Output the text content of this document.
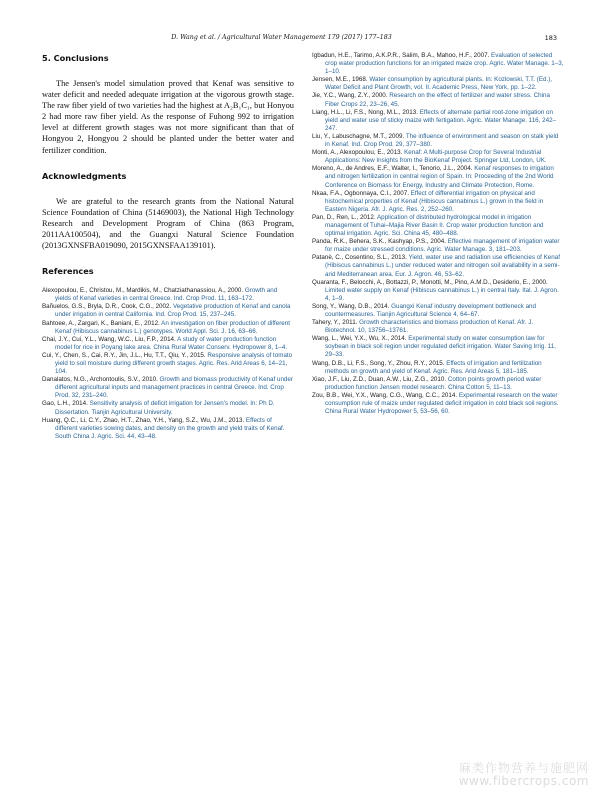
D. Wang et al. / Agricultural Water Management 179 (2017) 177–183	183
5. Conclusions

The Jensen's model simulation proved that Kenaf was sensitive to water deficit and needed adequate irrigation at the vigorous growth stage. The raw fiber yield of two varieties had the highest at A₂B₁C₁, but Honyou 2 had more raw fiber yield. As the response of Fuhong 992 to irrigation level at different growth stages was not more significant than that of Hongyou 2, Hongyou 2 should be planted under the better water and fertilizer condition.

Acknowledgments

We are grateful to the research grants from the National Natural Science Foundation of China (51469003), the National High Technology Research and Development Program of China (863 Program, 2011AA100504), and the Guangxi Natural Science Foundation (2013GXNSFBA019090, 2015GXNSFAA139101).

References
Alexopoulou, E., Christou, M., Mardikis, M., Chatziathanassiou, A., 2000. Growth and yields of Kenaf varieties in central Greece. Ind. Crop Prod. 11, 163–172.
Bañuelos, G.S., Bryla, D.R., Cook, C.G., 2002. Vegetative production of Kenaf and canola under irrigation in central California. Ind. Crop Prod. 15, 237–245.
Bahtoee, A., Zargari, K., Baniani, E., 2012. An investigation on fiber production of different Kenaf (Hibiscus cannabinus L.) genotypes. World Appl. Sci. J. 16, 63–66.
Chai, J.Y., Cui, Y.L., Wang, W.C., Liu, F.P., 2014. A study of water production function model for rice in Poyang lake area. China Rural Water Conserv. Hydropower 8, 1–4.
Cui, Y., Chen, S., Cai, R.Y., Jin, J.L., Hu, T.T., Qiu, Y., 2015. Responsive analysis of tomato yield to soil moisture during different growth stages. Agric. Res. Arid Areas 6, 14–21, 104.
Danalatos, N.G., Archontoulis, S.V., 2010. Growth and biomass productivity of Kenaf under different agricultural inputs and management practices in central Greece. Ind. Crop Prod. 32, 231–240.
Gao, L.H., 2014. Sensitivity analysis of deficit irrigation for Jensen's model. In: Ph D. Dissertation. Tianjin Agricultural University.
Huang, Q.C., Li, C.Y., Zhao, H.T., Zhao, Y.H., Yang, S.Z., Wu, J.M., 2013. Effects of different varieties sowing dates, and density on the growth and yield traits of Kenaf. South China J. Agric. Sci. 44, 43–48.
Igbadun, H.E., Tarimo, A.K.P.R., Salim, B.A., Mahoo, H.F., 2007. Evaluation of selected crop water production functions for an irrigated maize crop. Agric. Water Manage. 1–3, 1–10.
Jensen, M.E., 1968. Water consumption by agricultural plants. In: Kozlowski, T.T. (Ed.), Water Deficit and Plant Growth, vol. II. Academic Press, New York, pp. 1–22.
Jie, Y.C., Wang, Z.Y., 2000. Research on the effect of fertilizer and water stress. China Fiber Crops 22, 23–26, 45.
Liang, H.L., Li, F.S., Nong, M.L., 2013. Effects of alternate partial root-zone irrigation on yield and water use of sticky maize with fertigation. Agric. Water Manage. 116, 242–247.
Liu, Y., Labuschagne, M.T., 2009. The influence of environment and season on stalk yield in Kenaf. Ind. Crop Prod. 29, 377–380.
Monti, A., Alexopoulou, E., 2013. Kenaf: A Multi-purpose Crop for Several Industrial Applications: New Insights from the BioKenaf Project. Springer Ltd, London, UK.
Moreno, A., de Andres, E.F., Walter, I., Tenorio, J.L., 2004. Kenaf responses to irrigation and nitrogen fertilization in central region of Spain. In: Proceeding of the 2nd World Conference on Biomass for Energy, Industry and Climate Protection, Rome.
Nkaa, F.A., Ogbonnaya, C.I., 2007. Effect of differential irrigation on physical and histochemical properties of Kenaf (Hibiscus cannabinus L.) grown in the field in Eastern Nigeria. Afr. J. Agric. Res. 2, 252–260.
Pan, D., Ren, L., 2012. Application of distributed hydrological model in irrigation management of Tuhai–Majia River Basin II. Crop water production function and optimal irrigation. Agric. Sci. China 45, 480–488.
Panda, R.K., Behera, S.K., Kashyap, P.S., 2004. Effective management of irrigation water for maize under stressed conditions. Agric. Water Manage. 3, 181–203.
Patanè, C., Cosentino, S.L., 2013. Yield, water use and radiation use efficiencies of Kenaf (Hibiscus cannabinus L.) under reduced water and nitrogen soil availability in a semi-arid Mediterranean area. Eur. J. Agron. 46, 53–62.
Quaranta, F., Belocchi, A., Bottazzi, P., Monotti, M., Pino, A.M.D., Desiderio, E., 2000. Limited water supply on Kenaf (Hibiscus cannabinus L.) in central Italy. Ital. J. Agron. 4, 1–9.
Song, Y., Wang, D.B., 2014. Guangxi Kenaf industry development bottleneck and countermeasures. Tianjin Agricultural Science 4, 64–67.
Tahery, Y., 2011. Growth characteristics and biomass production of Kenaf. Afr. J. Biotechnol. 10, 13756–13761.
Wang, L., Wei, Y.X., Wu, X., 2014. Experimental study on water consumption law for soybean in black soil region under regulated deficit irrigation. Water Saving Irrig. 11, 29–33.
Wang, D.B., Li, F.S., Song, Y., Zhou, R.Y., 2015. Effects of irrigation and fertilization methods on growth and yield of Kenaf. Agric. Res. Arid Areas 5, 181–185.
Xiao, J.F., Liu, Z.D., Duan, A.W., Liu, Z.G., 2010. Cotton points growth period water production function Jensen model research. China Cotton 5, 11–13.
Zou, B.B., Wei, Y.X., Wang, C.G., Wang, C.C., 2014. Experimental research on the water consumption rule of maize under regulated deficit irrigation in cold black soil regions. China Rural Water Hydropower 5, 53–56, 60.
麻类作物营养与施肥网
www.fibercrops.com
